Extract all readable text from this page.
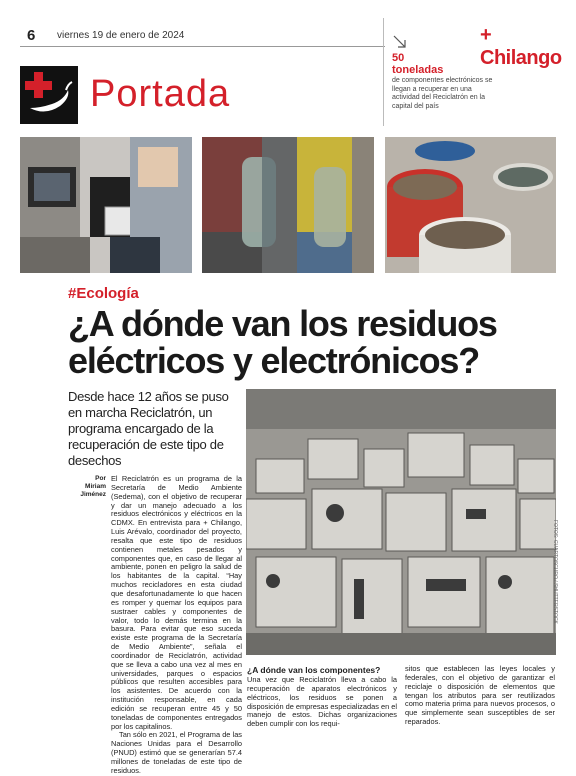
6 viernes 19 de enero de 2024
50
toneladas
de componentes electrónicos se llegan a recuperar en una actividad del Reciclatrón en la capital del país
+ Chilango
Portada
#Ecología
¿A dónde van los residuos eléctricos y electrónicos?
Desde hace 12 años se puso en marcha Reciclatrón, un programa encargado de la recuperación de este tipo de desechos
Por
Miriam Jiménez

El Reciclatrón es un programa de la Secretaría de Medio Ambiente (Sedema), con el objetivo de recuperar y dar un manejo adecuado a los residuos electrónicos y eléctricos en la CDMX. En entrevista para + Chilango, Luis Arévalo, coordinador del proyecto, resalta que este tipo de residuos contienen metales pesados y componentes que, en caso de llegar al ambiente, ponen en peligro la salud de los habitantes de la capital. “Hay muchos recicladores en esta ciudad que desafortunadamente lo que hacen es romper y quemar los equipos para sustraer cables y componentes de valor, todo lo demás termina en la basura. Para evitar que eso suceda existe este programa de la Secretaría de Medio Ambiente”, señala el coordinador de Reciclatrón, actividad que se lleva a cabo una vez al mes en universidades, parques o espacios públicos que resulten accesibles para los asistentes. De acuerdo con la institución responsable, en cada edición se recuperan entre 45 y 50 toneladas de componentes entregados por los capitalinos.

Tan sólo en 2021, el Programa de las Naciones Unidas para el Desarrollo (PNUD) estimó que se generarían 57.4 millones de toneladas de este tipo de residuos.

FOTOS: CUARTOSCURO / SHUTTERSTOCK
¿A dónde van los componentes?

Una vez que Reciclatrón lleva a cabo la recuperación de aparatos electrónicos y eléctricos, los residuos se ponen a disposición de empresas especializadas en el manejo de estos. Dichas organizaciones deben cumplir con los requi-

sitos que establecen las leyes locales y federales, con el objetivo de garantizar el reciclaje o disposición de elementos que tengan los atributos para ser reutilizados como materia prima para nuevos procesos, o que simplemente sean susceptibles de ser reparados.
